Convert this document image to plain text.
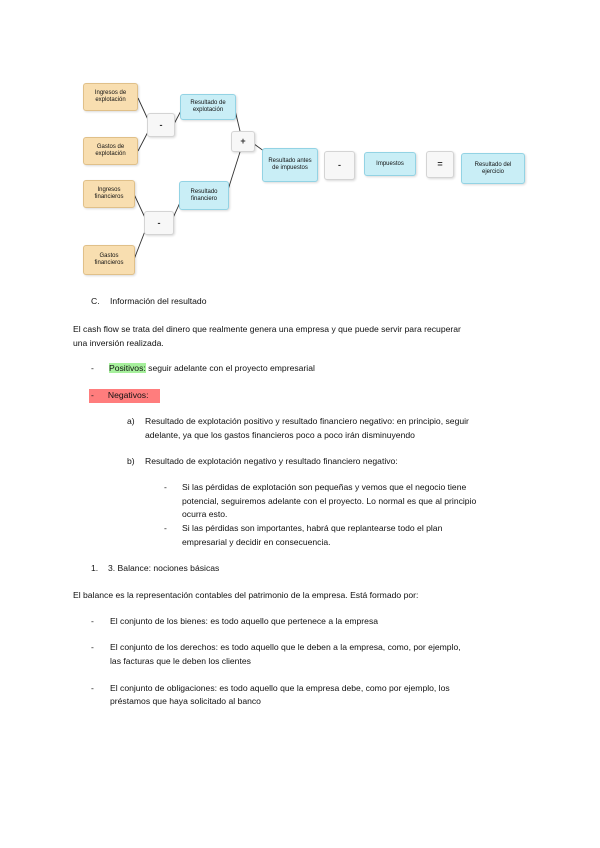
Ingresos de explotación
Gastos de explotación
Ingresos financieros
Gastos financieros
-
-
Resultado de explotación
Resultado financiero
+
Resultado antes de impuestos	-	Impuestos	=	Resultado del ejercicio
C. Información del resultado
El cash flow se trata del dinero que realmente genera una empresa y que puede servir para recuperar
una inversión realizada.
- Positivos: seguir adelante con el proyecto empresarial
- Negativos:
a) Resultado de explotación positivo y resultado financiero negativo: en principio, seguir
adelante, ya que los gastos financieros poco a poco irán disminuyendo
b) Resultado de explotación negativo y resultado financiero negativo:
- Si las pérdidas de explotación son pequeñas y vemos que el negocio tiene
potencial, seguiremos adelante con el proyecto. Lo normal es que al principio
ocurra esto.
- Si las pérdidas son importantes, habrá que replantearse todo el plan
empresarial y decidir en consecuencia.
1. 3. Balance: nociones básicas
El balance es la representación contables del patrimonio de la empresa. Está formado por:
- El conjunto de los bienes: es todo aquello que pertenece a la empresa
- El conjunto de los derechos: es todo aquello que le deben a la empresa, como, por ejemplo,
las facturas que le deben los clientes
- El conjunto de obligaciones: es todo aquello que la empresa debe, como por ejemplo, los
préstamos que haya solicitado al banco
